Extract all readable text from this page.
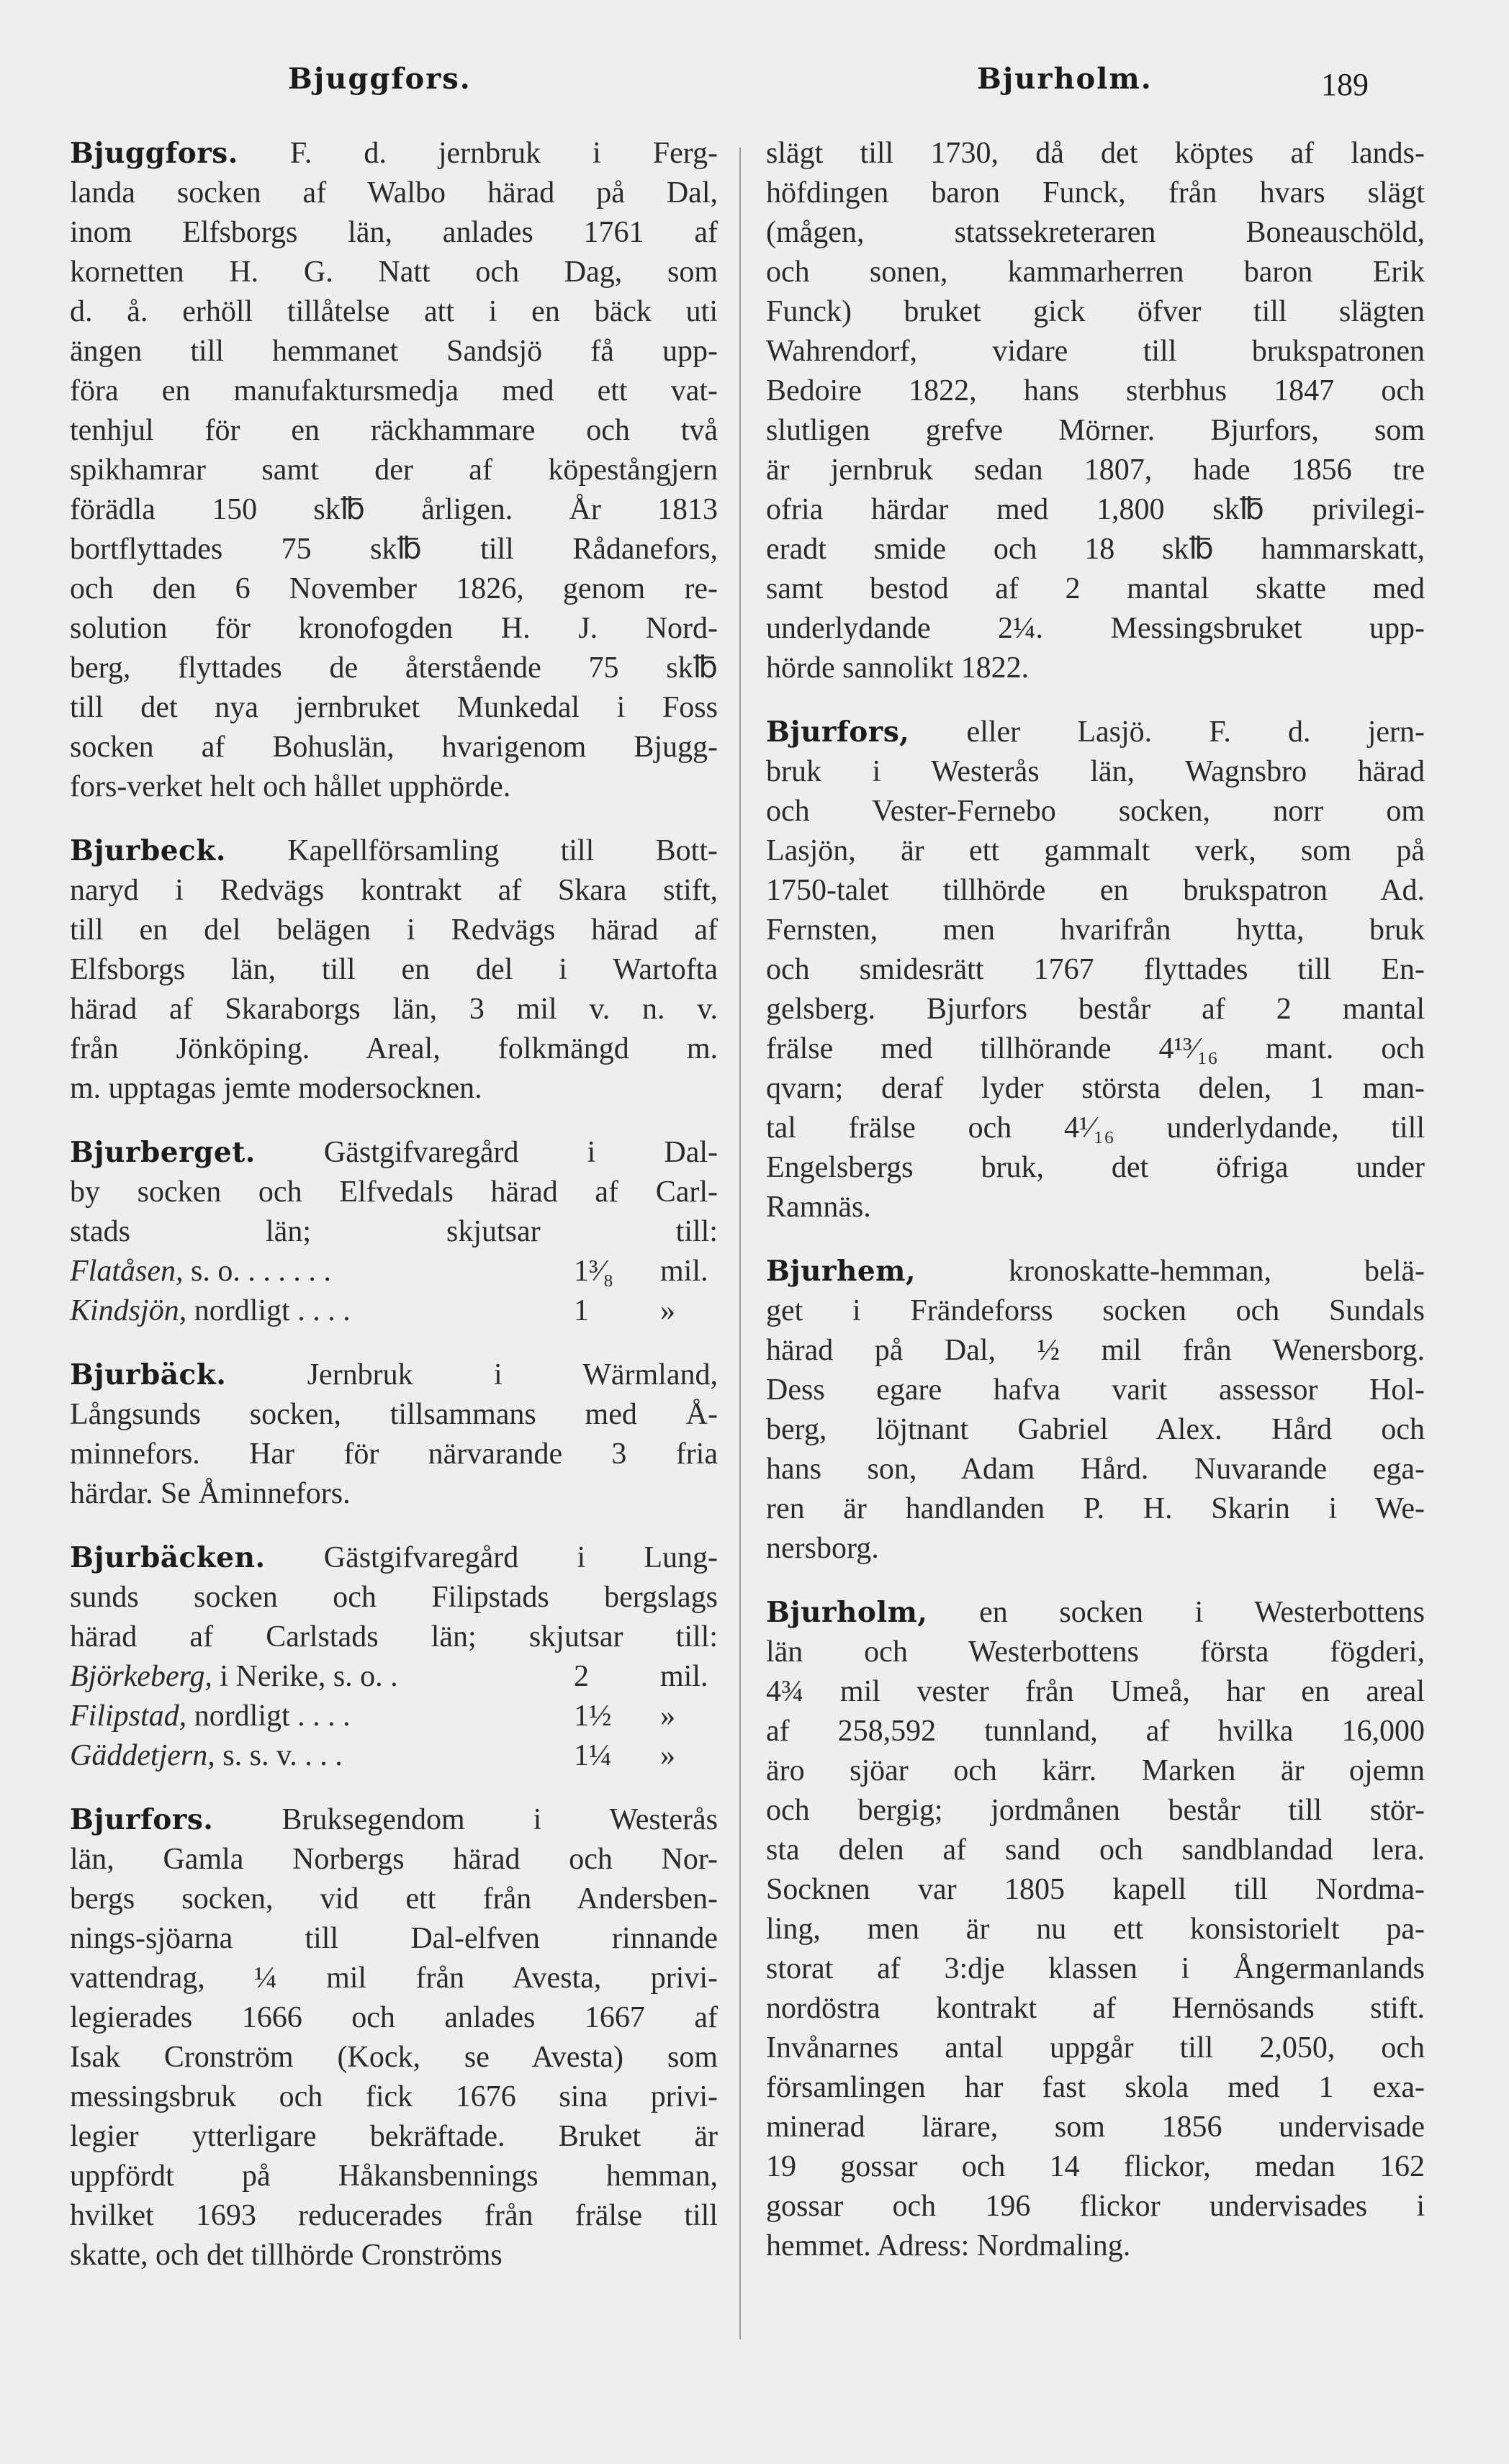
Bjuggfors.	Bjurholm.	189
Bjuggfors. F. d. jernbruk i Ferg-
landa socken af Walbo härad på Dal,
inom Elfsborgs län, anlades 1761 af
kornetten H. G. Natt och Dag, som
d. å. erhöll tillåtelse att i en bäck uti
ängen till hemmanet Sandsjö få upp-
föra en manufaktursmedja med ett vat-
tenhjul för en räckhammare och två
spikhamrar samt der af köpestångjern
förädla 150 sk℔ årligen. År 1813
bortflyttades 75 sk℔ till Rådanefors,
och den 6 November 1826, genom re-
solution för kronofogden H. J. Nord-
berg, flyttades de återstående 75 sk℔
till det nya jernbruket Munkedal i Foss
socken af Bohuslän, hvarigenom Bjugg-
fors-verket helt och hållet upphörde.
Bjurbeck. Kapellförsamling till Bott-
naryd i Redvägs kontrakt af Skara stift,
till en del belägen i Redvägs härad af
Elfsborgs län, till en del i Wartofta
härad af Skaraborgs län, 3 mil v. n. v.
från Jönköping. Areal, folkmängd m.
m. upptagas jemte modersocknen.
Bjurberget. Gästgifvaregård i Dal-
by socken och Elfvedals härad af Carl-
stads län; skjutsar till:
Flatåsen, s. o. . . . . . .	1³⁄₈ mil.
Kindsjön, nordligt . . . .	1 »
Bjurbäck. Jernbruk i Wärmland,
Långsunds socken, tillsammans med Å-
minnefors. Har för närvarande 3 fria
härdar. Se Åminnefors.
Bjurbäcken. Gästgifvaregård i Lung-
sunds socken och Filipstads bergslags
härad af Carlstads län; skjutsar till:
Björkeberg, i Nerike, s. o. .	2 mil.
Filipstad, nordligt . . . .	1½ »
Gäddetjern, s. s. v. . . .	1¼ »
Bjurfors. Bruksegendom i Westerås
län, Gamla Norbergs härad och Nor-
bergs socken, vid ett från Andersben-
nings-sjöarna till Dal-elfven rinnande
vattendrag, ¼ mil från Avesta, privi-
legierades 1666 och anlades 1667 af
Isak Cronström (Kock, se Avesta) som
messingsbruk och fick 1676 sina privi-
legier ytterligare bekräftade. Bruket är
uppfördt på Håkansbennings hemman,
hvilket 1693 reducerades från frälse till
skatte, och det tillhörde Cronströms
slägt till 1730, då det köptes af lands-
höfdingen baron Funck, från hvars slägt
(mågen, statssekreteraren Boneauschöld,
och sonen, kammarherren baron Erik
Funck) bruket gick öfver till slägten
Wahrendorf, vidare till brukspatronen
Bedoire 1822, hans sterbhus 1847 och
slutligen grefve Mörner. Bjurfors, som
är jernbruk sedan 1807, hade 1856 tre
ofria härdar med 1,800 sk℔ privilegi-
eradt smide och 18 sk℔ hammarskatt,
samt bestod af 2 mantal skatte med
underlydande 2¼. Messingsbruket upp-
hörde sannolikt 1822.
Bjurfors, eller Lasjö. F. d. jern-
bruk i Westerås län, Wagnsbro härad
och Vester-Fernebo socken, norr om
Lasjön, är ett gammalt verk, som på
1750-talet tillhörde en brukspatron Ad.
Fernsten, men hvarifrån hytta, bruk
och smidesrätt 1767 flyttades till En-
gelsberg. Bjurfors består af 2 mantal
frälse med tillhörande 4¹³⁄₁₆ mant. och
qvarn; deraf lyder största delen, 1 man-
tal frälse och 4¹⁄₁₆ underlydande, till
Engelsbergs bruk, det öfriga under
Ramnäs.
Bjurhem, kronoskatte-hemman, belä-
get i Frändeforss socken och Sundals
härad på Dal, ½ mil från Wenersborg.
Dess egare hafva varit assessor Hol-
berg, löjtnant Gabriel Alex. Hård och
hans son, Adam Hård. Nuvarande ega-
ren är handlanden P. H. Skarin i We-
nersborg.
Bjurholm, en socken i Westerbottens
län och Westerbottens första fögderi,
4¾ mil vester från Umeå, har en areal
af 258,592 tunnland, af hvilka 16,000
äro sjöar och kärr. Marken är ojemn
och bergig; jordmånen består till stör-
sta delen af sand och sandblandad lera.
Socknen var 1805 kapell till Nordma-
ling, men är nu ett konsistorielt pa-
storat af 3:dje klassen i Ångermanlands
nordöstra kontrakt af Hernösands stift.
Invånarnes antal uppgår till 2,050, och
församlingen har fast skola med 1 exa-
minerad lärare, som 1856 undervisade
19 gossar och 14 flickor, medan 162
gossar och 196 flickor undervisades i
hemmet. Adress: Nordmaling.
